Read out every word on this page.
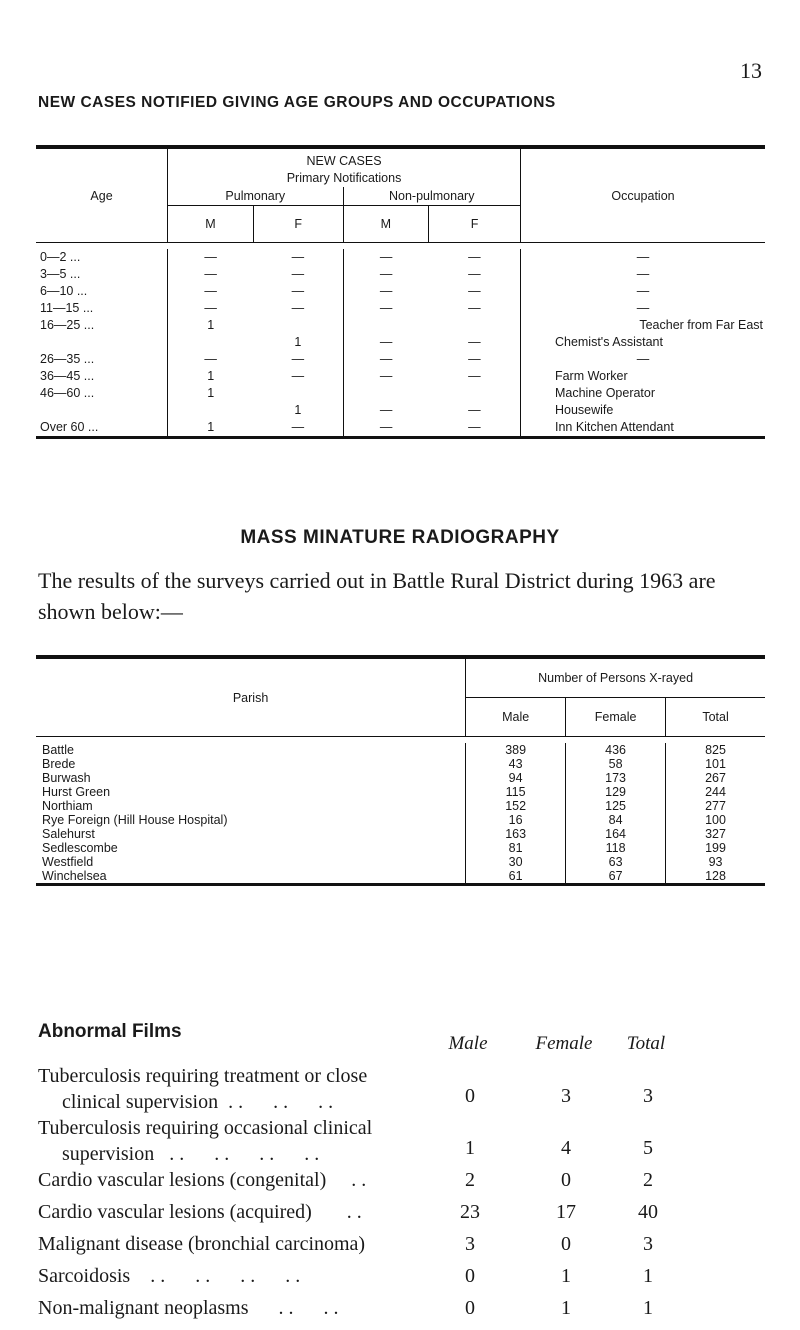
13
NEW CASES NOTIFIED GIVING AGE GROUPS AND OCCUPATIONS
Age	NEW CASES				Occupation
	Primary Notifications				
	Pulmonary		Non-pulmonary		
	M	F	M	F	

0—2 ...	—	—	—	—	—
3—5 ...	—	—	—	—	—
6—10 ...	—	—	—	—	—
11—15 ...	—	—	—	—	—
16—25 ...	1				Teacher from Far East
		1	—	—	Chemist's Assistant
26—35 ...	—	—	—	—	—
36—45 ...	1	—	—	—	Farm Worker
46—60 ...	1				Machine Operator
		1	—	—	Housewife
Over 60 ...	1	—	—	—	Inn Kitchen Attendant
MASS MINATURE RADIOGRAPHY
The results of the surveys carried out in Battle Rural District during 1963 are shown below:—
Parish	Number of Persons X-rayed		
	Male	Female	Total

Battle	389	436	825
Brede	43	58	101
Burwash	94	173	267
Hurst Green	115	129	244
Northiam	152	125	277
Rye Foreign (Hill House Hospital)	16	84	100
Salehurst	163	164	327
Sedlescombe	81	118	199
Westfield	30	63	93
Winchelsea	61	67	128
Abnormal Films
Male	Female	Total
Tuberculosis requiring treatment or close
clinical supervision  . .      . .      . .	0	3	3
Tuberculosis requiring occasional clinical
supervision   . .      . .      . .      . .	1	4	5
Cardio vascular lesions (congenital)     . .	2	0	2
Cardio vascular lesions (acquired)       . .	23	17	40
Malignant disease (bronchial carcinoma)	3	0	3
Sarcoidosis    . .      . .      . .      . .	0	1	1
Non-malignant neoplasms      . .      . .	0	1	1
